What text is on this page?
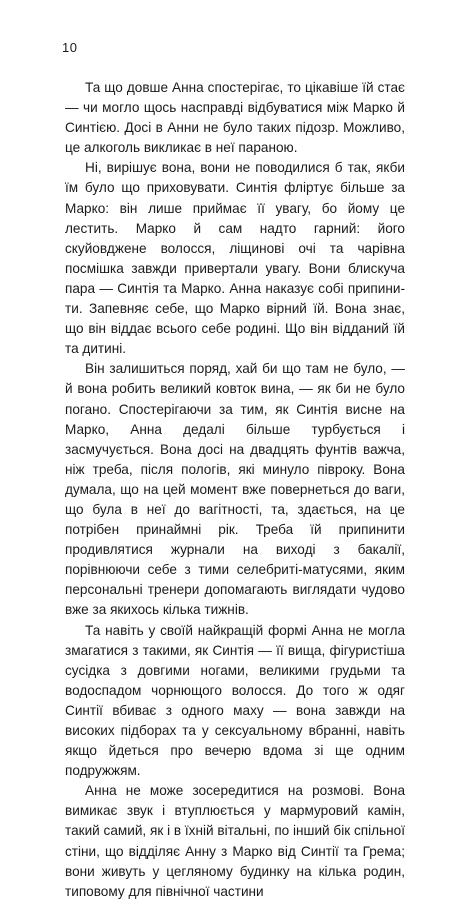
10

Та що довше Анна спостерігає, то цікавіше їй стає — чи могло щось насправді відбуватися між Марко й Синтією. Досі в Анни не було таких підозр. Можливо, це алкоголь викликає в неї параною.

Ні, вирішує вона, вони не поводилися б так, якби їм було що приховувати. Синтія фліртує більше за Марко: він лише приймає її увагу, бо йому це лестить. Марко й сам надто гарний: його скуйовджене волосся, ліщинові очі та чарівна посмішка завжди привертали увагу. Вони блискуча пара — Синтія та Марко. Анна наказує собі припинити. Запевняє себе, що Марко вірний їй. Вона знає, що він віддає всього себе родині. Що він відданий їй та дитині.

Він залишиться поряд, хай би що там не було, — й вона робить великий ковток вина, — як би не було погано. Спостерігаючи за тим, як Синтія висне на Марко, Анна дедалі більше турбується і засмучується. Вона досі на двадцять фунтів важча, ніж треба, після пологів, які минуло півроку. Вона думала, що на цей момент вже повернеться до ваги, що була в неї до вагітності, та, здається, на це потрібен принаймні рік. Треба їй припинити продивлятися журнали на виході з бакалії, порівнюючи себе з тими селебриті-матусями, яким персональні тренери допомагають виглядати чудово вже за якихось кілька тижнів.

Та навіть у своїй найкращій формі Анна не могла змагатися з такими, як Синтія — її вища, фігуристіша сусідка з довгими ногами, великими грудьми та водоспадом чорнющого волосся. До того ж одяг Синтії вбиває з одного маху — вона завжди на високих підборах та у сексуальному вбранні, навіть якщо йдеться про вечерю вдома зі ще одним подружжям.

Анна не може зосередитися на розмові. Вона вимикає звук і втуплюється у мармуровий камін, такий самий, як і в їхній вітальні, по інший бік спільної стіни, що відділяє Анну з Марко від Синтії та Грема; вони живуть у цегляному будинку на кілька родин, типовому для північної частини
